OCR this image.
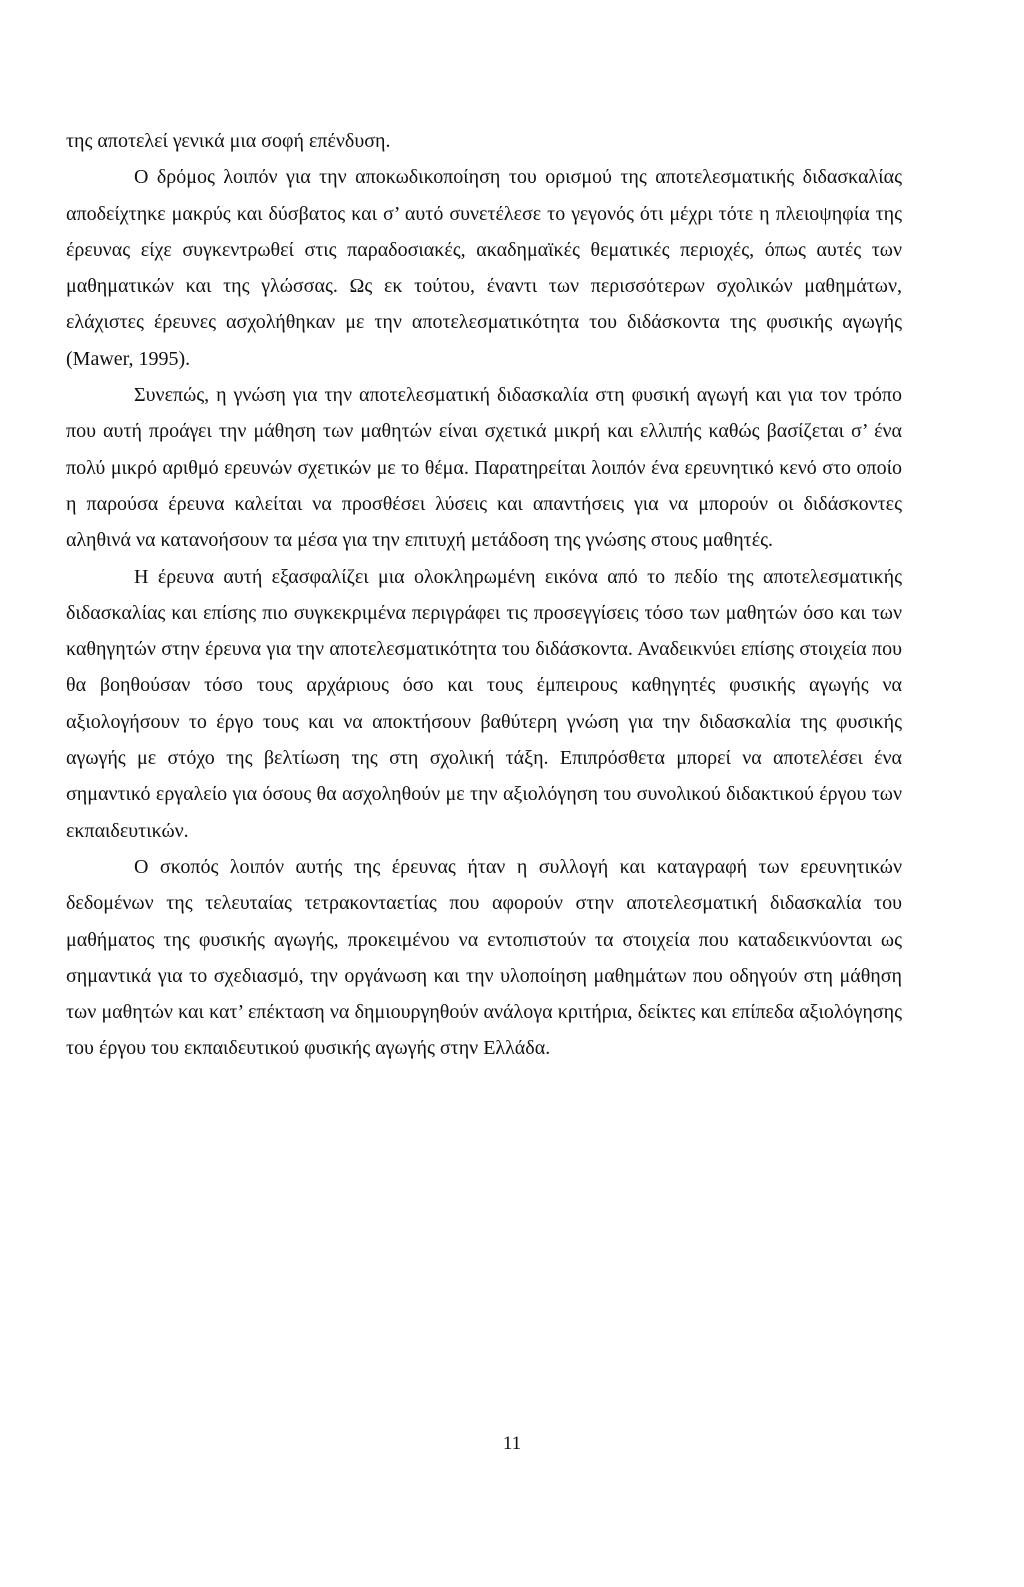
της αποτελεί γενικά μια σοφή επένδυση.

Ο δρόμος λοιπόν για την αποκωδικοποίηση του ορισμού της αποτελεσματικής διδασκαλίας αποδείχτηκε μακρύς και δύσβατος και σ’ αυτό συνετέλεσε το γεγονός ότι μέχρι τότε η πλειοψηφία της έρευνας είχε συγκεντρωθεί στις παραδοσιακές, ακαδημαϊκές θεματικές περιοχές, όπως αυτές των μαθηματικών και της γλώσσας. Ως εκ τούτου, έναντι των περισσότερων σχολικών μαθημάτων, ελάχιστες έρευνες ασχολήθηκαν με την αποτελεσματικότητα του διδάσκοντα της φυσικής αγωγής (Mawer, 1995).

Συνεπώς, η γνώση για την αποτελεσματική διδασκαλία στη φυσική αγωγή και για τον τρόπο που αυτή προάγει την μάθηση των μαθητών είναι σχετικά μικρή και ελλιπής καθώς βασίζεται σ’ ένα πολύ μικρό αριθμό ερευνών σχετικών με το θέμα. Παρατηρείται λοιπόν ένα ερευνητικό κενό στο οποίο η παρούσα έρευνα καλείται να προσθέσει λύσεις και απαντήσεις για να μπορούν οι διδάσκοντες αληθινά να κατανοήσουν τα μέσα για την επιτυχή μετάδοση της γνώσης στους μαθητές.

Η έρευνα αυτή εξασφαλίζει μια ολοκληρωμένη εικόνα από το πεδίο της αποτελεσματικής διδασκαλίας και επίσης πιο συγκεκριμένα περιγράφει τις προσεγγίσεις τόσο των μαθητών όσο και των καθηγητών στην έρευνα για την αποτελεσματικότητα του διδάσκοντα. Αναδεικνύει επίσης στοιχεία που θα βοηθούσαν τόσο τους αρχάριους όσο και τους έμπειρους καθηγητές φυσικής αγωγής να αξιολογήσουν το έργο τους και να αποκτήσουν βαθύτερη γνώση για την διδασκαλία της φυσικής αγωγής με στόχο της βελτίωση της στη σχολική τάξη. Επιπρόσθετα μπορεί να αποτελέσει ένα σημαντικό εργαλείο για όσους θα ασχοληθούν με την αξιολόγηση του συνολικού διδακτικού έργου των εκπαιδευτικών.

Ο σκοπός λοιπόν αυτής της έρευνας ήταν η συλλογή και καταγραφή των ερευνητικών δεδομένων της τελευταίας τετρακονταετίας που αφορούν στην αποτελεσματική διδασκαλία του μαθήματος της φυσικής αγωγής, προκειμένου να εντοπιστούν τα στοιχεία που καταδεικνύονται ως σημαντικά για το σχεδιασμό, την οργάνωση και την υλοποίηση μαθημάτων που οδηγούν στη μάθηση των μαθητών και κατ’ επέκταση να δημιουργηθούν ανάλογα κριτήρια, δείκτες και επίπεδα αξιολόγησης του έργου του εκπαιδευτικού φυσικής αγωγής στην Ελλάδα.

11
